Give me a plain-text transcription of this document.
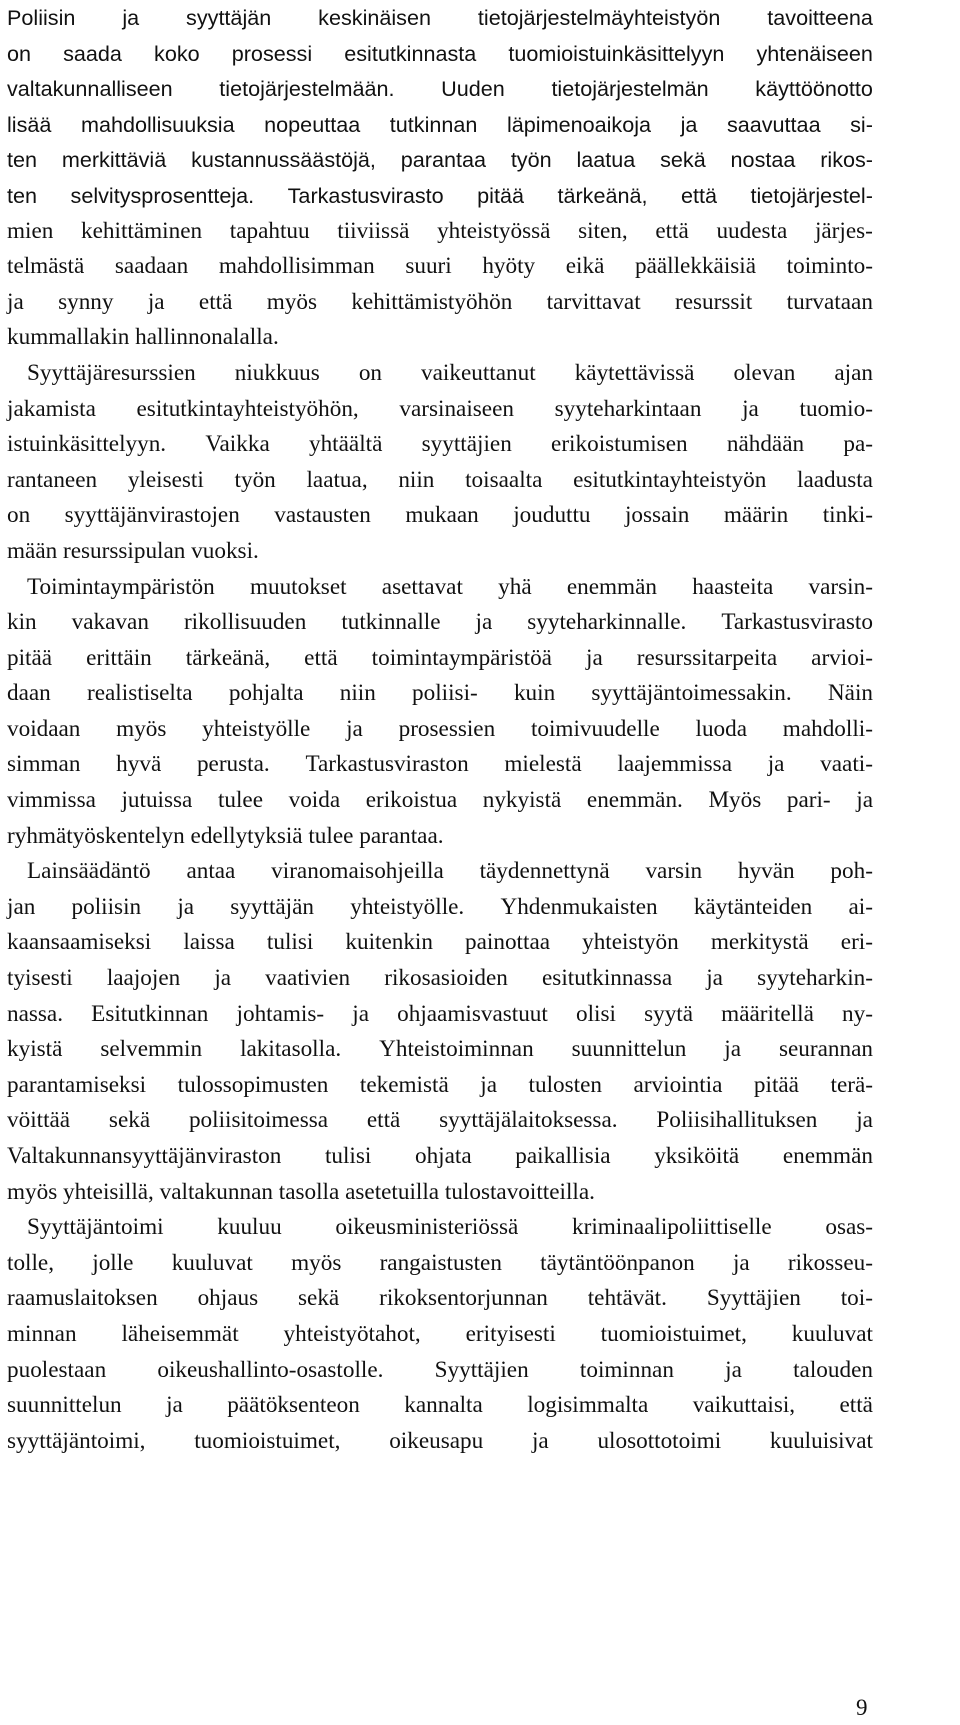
Poliisin ja syyttäjän keskinäisen tietojärjestelmäyhteistyön tavoitteena
on saada koko prosessi esitutkinnasta tuomioistuinkäsittelyyn yhtenäiseen
valtakunnalliseen tietojärjestelmään. Uuden tietojärjestelmän käyttöönotto
lisää mahdollisuuksia nopeuttaa tutkinnan läpimenoaikoja ja saavuttaa si-
ten merkittäviä kustannussäästöjä, parantaa työn laatua sekä nostaa rikos-
ten selvitysprosentteja. Tarkastusvirasto pitää tärkeänä, että tietojärjestel-
mien kehittäminen tapahtuu tiiviissä yhteistyössä siten, että uudesta järjes-
telmästä saadaan mahdollisimman suuri hyöty eikä päällekkäisiä toiminto-
ja synny ja että myös kehittämistyöhön tarvittavat resurssit turvataan
kummallakin hallinnonalalla.
Syyttäjäresurssien niukkuus on vaikeuttanut käytettävissä olevan ajan
jakamista esitutkintayhteistyöhön, varsinaiseen syyteharkintaan ja tuomio-
istuinkäsittelyyn. Vaikka yhtäältä syyttäjien erikoistumisen nähdään pa-
rantaneen yleisesti työn laatua, niin toisaalta esitutkintayhteistyön laadusta
on syyttäjänvirastojen vastausten mukaan jouduttu jossain määrin tinki-
mään resurssipulan vuoksi.
Toimintaympäristön muutokset asettavat yhä enemmän haasteita varsin-
kin vakavan rikollisuuden tutkinnalle ja syyteharkinnalle. Tarkastusvirasto
pitää erittäin tärkeänä, että toimintaympäristöä ja resurssitarpeita arvioi-
daan realistiselta pohjalta niin poliisi- kuin syyttäjäntoimessakin. Näin
voidaan myös yhteistyölle ja prosessien toimivuudelle luoda mahdolli-
simman hyvä perusta. Tarkastusviraston mielestä laajemmissa ja vaati-
vimmissa jutuissa tulee voida erikoistua nykyistä enemmän. Myös pari- ja
ryhmätyöskentelyn edellytyksiä tulee parantaa.
Lainsäädäntö antaa viranomaisohjeilla täydennettynä varsin hyvän poh-
jan poliisin ja syyttäjän yhteistyölle. Yhdenmukaisten käytänteiden ai-
kaansaamiseksi laissa tulisi kuitenkin painottaa yhteistyön merkitystä eri-
tyisesti laajojen ja vaativien rikosasioiden esitutkinnassa ja syyteharkin-
nassa. Esitutkinnan johtamis- ja ohjaamisvastuut olisi syytä määritellä ny-
kyistä selvemmin lakitasolla. Yhteistoiminnan suunnittelun ja seurannan
parantamiseksi tulossopimusten tekemistä ja tulosten arviointia pitää terä-
vöittää sekä poliisitoimessa että syyttäjälaitoksessa. Poliisihallituksen ja
Valtakunnansyyttäjänviraston tulisi ohjata paikallisia yksiköitä enemmän
myös yhteisillä, valtakunnan tasolla asetetuilla tulostavoitteilla.
Syyttäjäntoimi kuuluu oikeusministeriössä kriminaalipoliittiselle osas-
tolle, jolle kuuluvat myös rangaistusten täytäntöönpanon ja rikosseu-
raamuslaitoksen ohjaus sekä rikoksentorjunnan tehtävät. Syyttäjien toi-
minnan läheisemmät yhteistyötahot, erityisesti tuomioistuimet, kuuluvat
puolestaan oikeushallinto-osastolle. Syyttäjien toiminnan ja talouden
suunnittelun ja päätöksenteon kannalta logisimmalta vaikuttaisi, että
syyttäjäntoimi, tuomioistuimet, oikeusapu ja ulosottotoimi kuuluisivat
9
